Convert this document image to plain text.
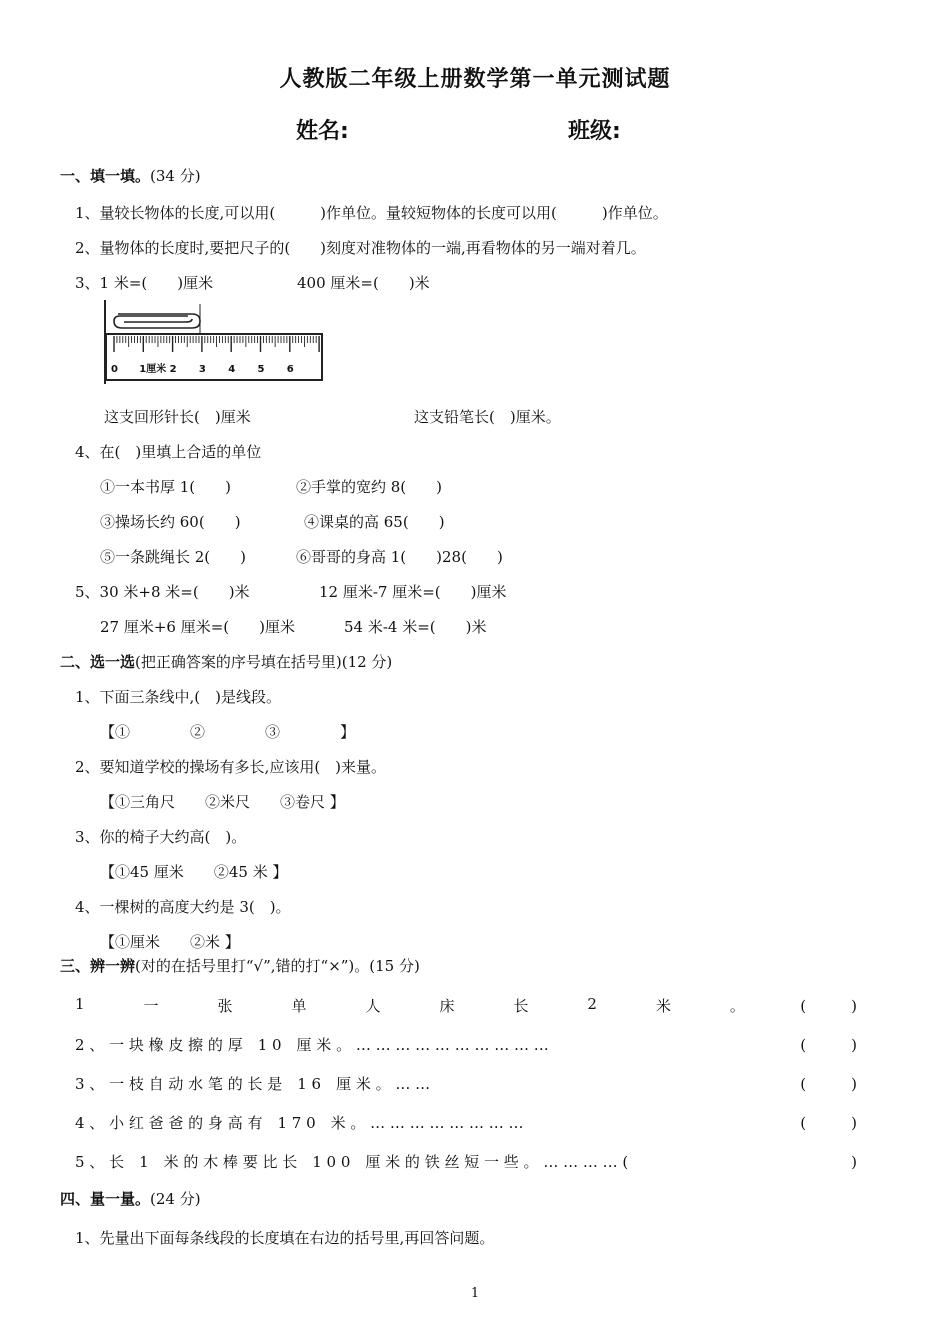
人教版二年级上册数学第一单元测试题
姓名:	班级:
一、填一填。(34 分)
1、量较长物体的长度,可以用(　　　)作单位。量较短物体的长度可以用(　　　)作单位。
2、量物体的长度时,要把尺子的(　　)刻度对准物体的一端,再看物体的另一端对着几。
3、1 米=(　　)厘米	400 厘米=(　　)米
0 1厘米 2 3 4 5 6
这支回形针长(　)厘米	这支铅笔长(　)厘米。
4、在(　)里填上合适的单位
①一本书厚 1(　　)	②手掌的宽约 8(　　)
③操场长约 60(　　)	④课桌的高 65(　　)
⑤一条跳绳长 2(　　)	⑥哥哥的身高 1(　　)28(　　)
5、30 米+8 米=(　　)米	12 厘米-7 厘米=(　　)厘米
27 厘米+6 厘米=(　　)厘米	54 米-4 米=(　　)米
二、选一选(把正确答案的序号填在括号里)(12 分)
1、下面三条线中,(　)是线段。
【①　　　　②　　　　③　　　　】
2、要知道学校的操场有多长,应该用(　)来量。
【①三角尺　　②米尺　　③卷尺 】
3、你的椅子大约高(　)。
【①45 厘米　　②45 米 】
4、一棵树的高度大约是 3(　)。
【①厘米　　②米 】
三、辨一辨(对的在括号里打“√”,错的打“×”)。(15 分)
1	一	张	单	人	床	长	2	米	。	(　　　)
2 、 一 块 橡 皮 擦 的 厚　1 0　厘 米 。 … … … … … … … … … …	(　　　)
3 、 一 枝 自 动 水 笔 的 长 是　1 6　厘 米 。 … …	(　　　)
4 、 小 红 爸 爸 的 身 高 有　1 7 0　米 。 … … … … … … … …	(　　　)
5 、 长　1　米 的 木 棒 要 比 长　1 0 0　厘 米 的 铁 丝 短 一 些 。 … … … … (	　　　)
四、量一量。(24 分)
1、先量出下面每条线段的长度填在右边的括号里,再回答问题。
1
